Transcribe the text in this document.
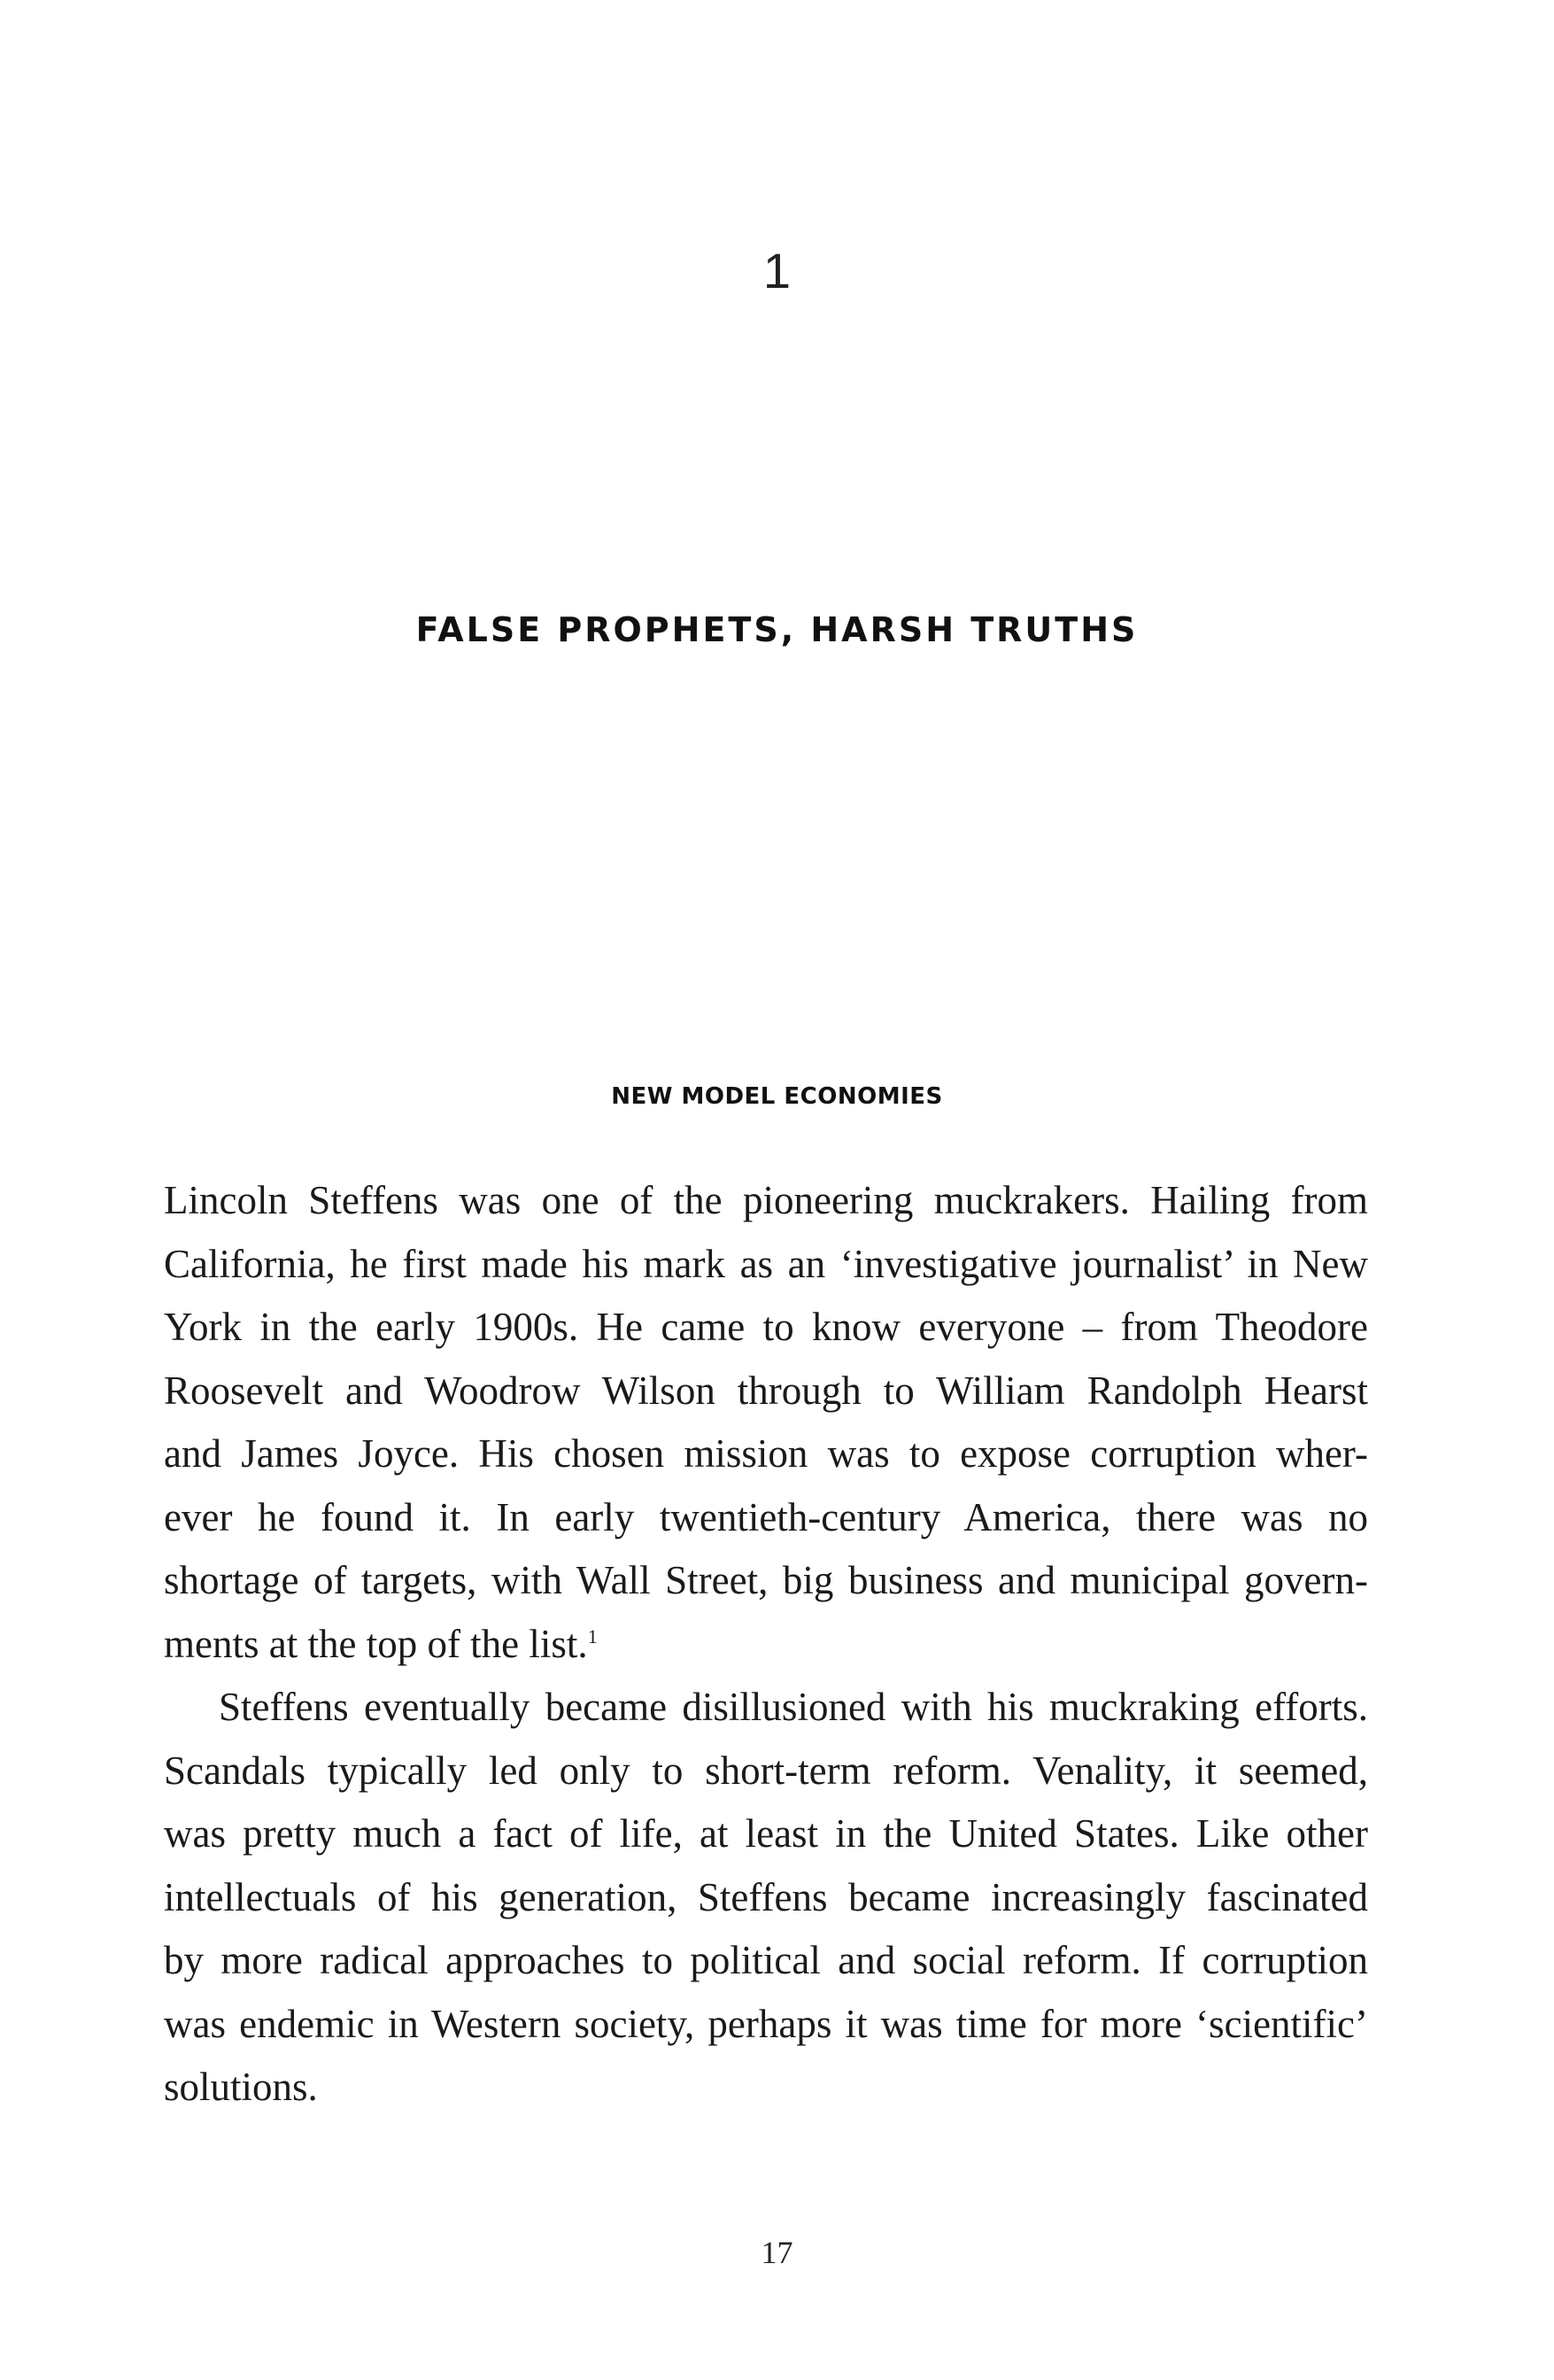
1
FALSE PROPHETS, HARSH TRUTHS
NEW MODEL ECONOMIES

Lincoln Steffens was one of the pioneering muckrakers. Hailing from
California, he first made his mark as an ‘investigative journalist’ in New
York in the early 1900s. He came to know everyone – from Theodore
Roosevelt and Woodrow Wilson through to William Randolph Hearst
and James Joyce. His chosen mission was to expose corruption wher-
ever he found it. In early twentieth-century America, there was no
shortage of targets, with Wall Street, big business and municipal govern-
ments at the top of the list.$^1$

Steffens eventually became disillusioned with his muckraking efforts.
Scandals typically led only to short-term reform. Venality, it seemed,
was pretty much a fact of life, at least in the United States. Like other
intellectuals of his generation, Steffens became increasingly fascinated
by more radical approaches to political and social reform. If corruption
was endemic in Western society, perhaps it was time for more ‘scientific’
solutions.

17
